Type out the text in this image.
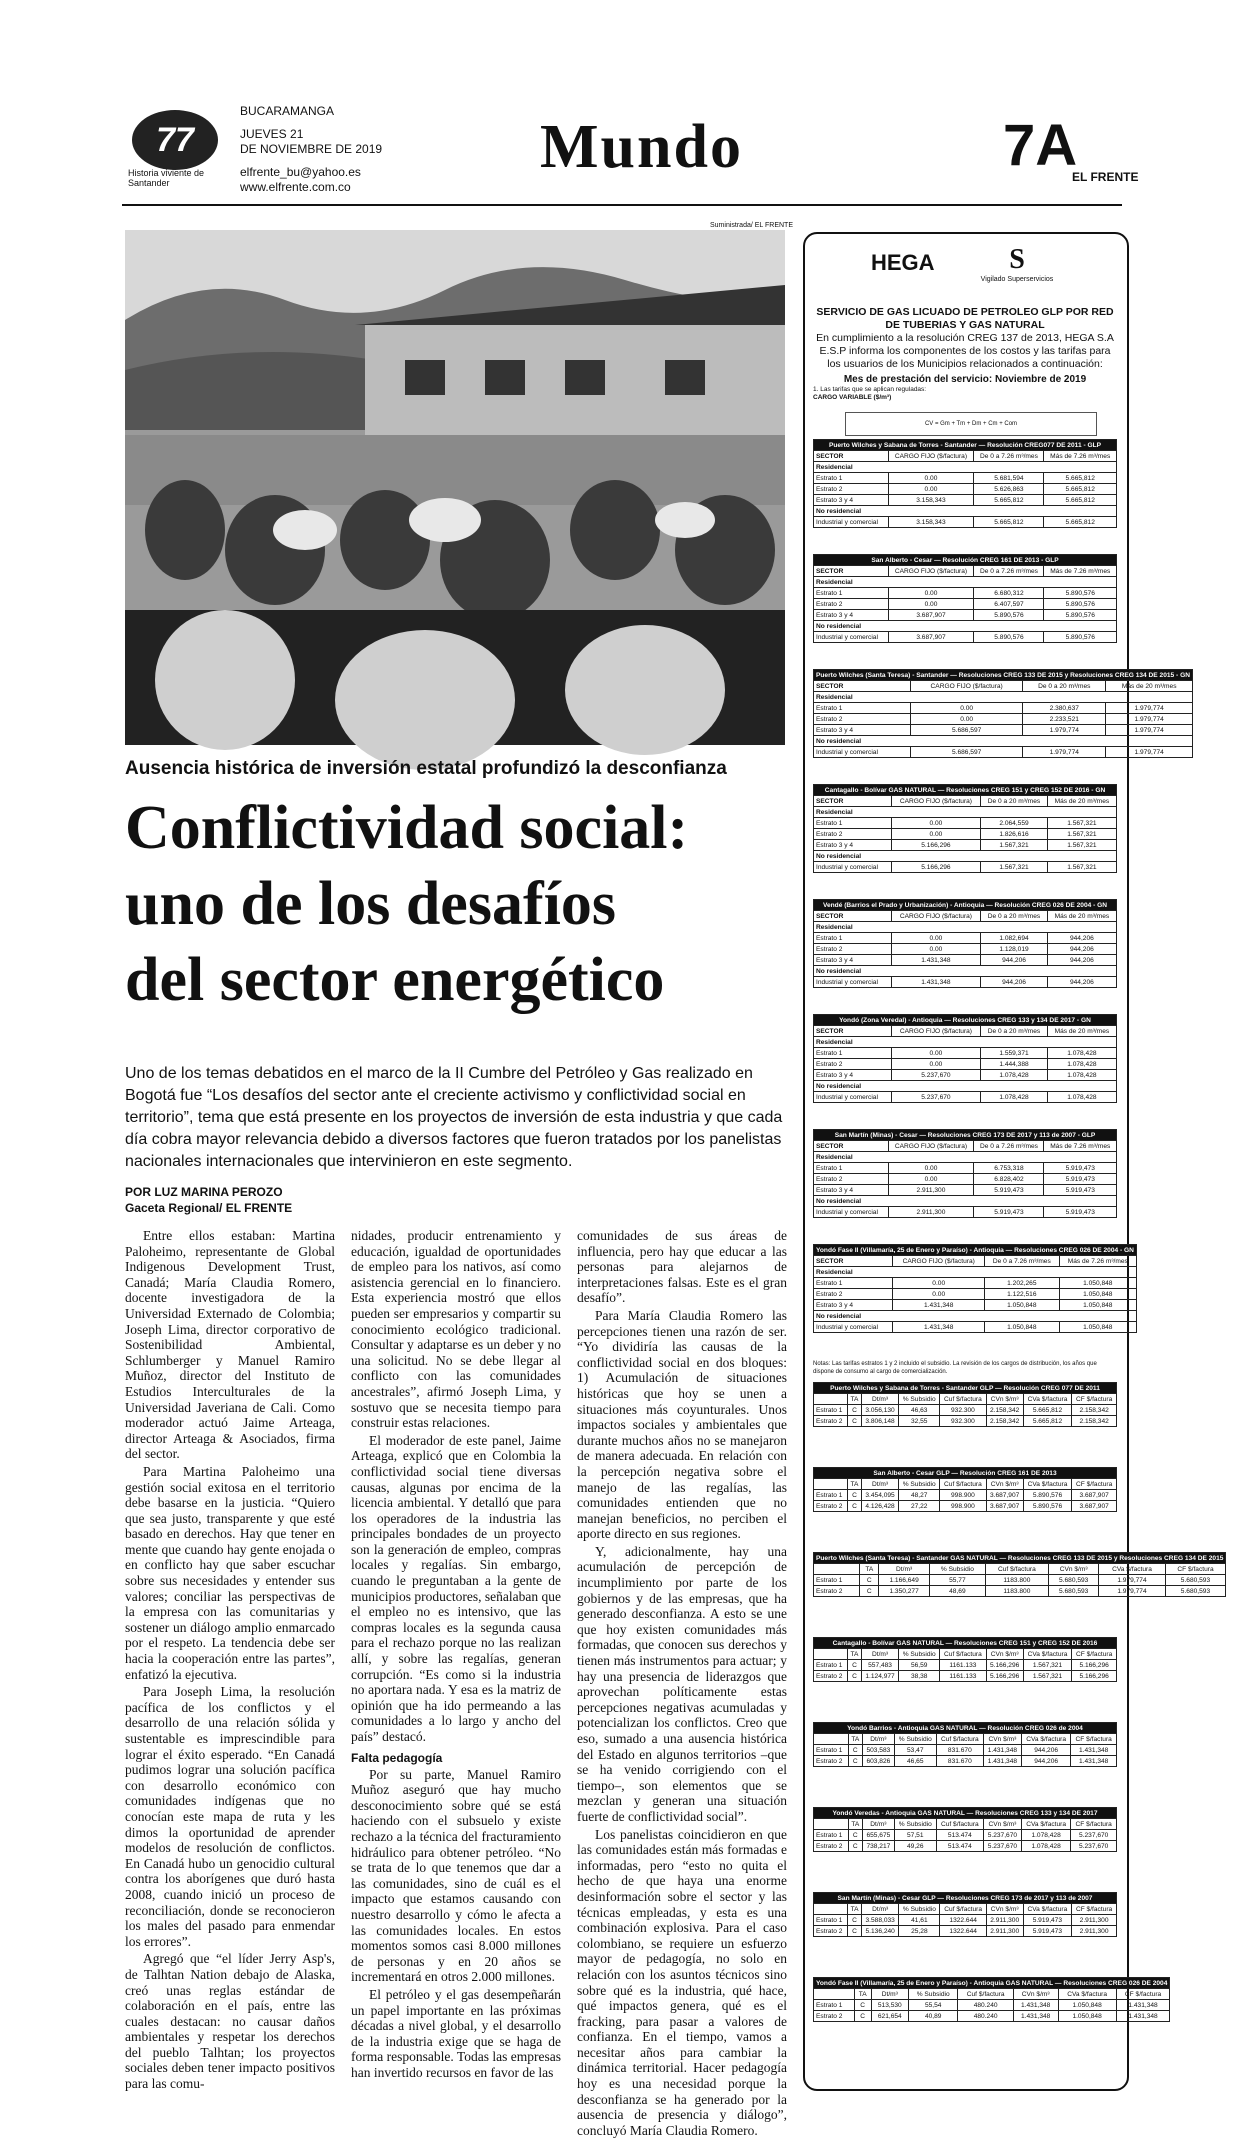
77
Historia viviente de Santander
BUCARAMANGA
JUEVES 21
DE NOVIEMBRE DE 2019
elfrente_bu@yahoo.es
www.elfrente.com.co
Mundo	7A
EL FRENTE
Suministrada/ EL FRENTE
Ausencia histórica de inversión estatal profundizó la desconfianza
Conflictividad social:
uno de los desafíos
del sector energético
Uno de los temas debatidos en el marco de la II Cumbre del Petróleo y Gas realizado en Bogotá fue “Los desafíos del sector ante el creciente activismo y conflictividad social en territorio”, tema que está presente en los proyectos de inversión de esta industria y que cada día cobra mayor relevancia debido a diversos factores que fueron tratados por los panelistas nacionales internacionales que intervinieron en este segmento.
POR LUZ MARINA PEROZO
Gaceta Regional/ EL FRENTE

Entre ellos estaban: Martina Paloheimo, representante de Global Indigenous Development Trust, Canadá; María Claudia Romero, docente investigadora de la Universidad Externado de Colombia; Joseph Lima, director corporativo de Sostenibilidad Ambiental, Schlumberger y Manuel Ramiro Muñoz, director del Instituto de Estudios Interculturales de la Universidad Javeriana de Cali. Como moderador actuó Jaime Arteaga, director Arteaga & Asociados, firma del sector.

Para Martina Paloheimo una gestión social exitosa en el territorio debe basarse en la justicia. “Quiero que sea justo, transparente y que esté basado en derechos. Hay que tener en mente que cuando hay gente enojada o en conflicto hay que saber escuchar sobre sus necesidades y entender sus valores; conciliar las perspectivas de la empresa con las comunitarias y sostener un diálogo amplio enmarcado por el respeto. La tendencia debe ser hacia la cooperación entre las partes”, enfatizó la ejecutiva.

Para Joseph Lima, la resolución pacífica de los conflictos y el desarrollo de una relación sólida y sustentable es imprescindible para lograr el éxito esperado. “En Canadá pudimos lograr una solución pacífica con desarrollo económico con comunidades indígenas que no conocían este mapa de ruta y les dimos la oportunidad de aprender modelos de resolución de conflictos. En Canadá hubo un genocidio cultural contra los aborígenes que duró hasta 2008, cuando inició un proceso de reconciliación, donde se reconocieron los males del pasado para enmendar los errores”.

Agregó que “el líder Jerry Asp's, de Talhtan Nation debajo de Alaska, creó unas reglas estándar de colaboración en el país, entre las cuales destacan: no causar daños ambientales y respetar los derechos del pueblo Talhtan; los proyectos sociales deben tener impacto positivos para las comu-

nidades, producir entrenamiento y educación, igualdad de oportunidades de empleo para los nativos, así como asistencia gerencial en lo financiero. Esta experiencia mostró que ellos pueden ser empresarios y compartir su conocimiento ecológico tradicional. Consultar y adaptarse es un deber y no una solicitud. No se debe llegar al conflicto con las comunidades ancestrales”, afirmó Joseph Lima, y sostuvo que se necesita tiempo para construir estas relaciones.

El moderador de este panel, Jaime Arteaga, explicó que en Colombia la conflictividad social tiene diversas causas, algunas por encima de la licencia ambiental. Y detalló que para los operadores de la industria las principales bondades de un proyecto son la generación de empleo, compras locales y regalías. Sin embargo, cuando le preguntaban a la gente de municipios productores, señalaban que el empleo no es intensivo, que las compras locales es la segunda causa para el rechazo porque no las realizan allí, y sobre las regalías, generan corrupción. “Es como si la industria no aportara nada. Y esa es la matriz de opinión que ha ido permeando a las comunidades a lo largo y ancho del país” destacó.

Falta pedagogía

Por su parte, Manuel Ramiro Muñoz aseguró que hay mucho desconocimiento sobre qué se está haciendo con el subsuelo y existe rechazo a la técnica del fracturamiento hidráulico para obtener petróleo. “No se trata de lo que tenemos que dar a las comunidades, sino de cuál es el impacto que estamos causando con nuestro desarrollo y cómo le afecta a las comunidades locales. En estos momentos somos casi 8.000 millones de personas y en 20 años se incrementará en otros 2.000 millones.

El petróleo y el gas desempeñarán un papel importante en las próximas décadas a nivel global, y el desarrollo de la industria exige que se haga de forma responsable. Todas las empresas han invertido recursos en favor de las

comunidades de sus áreas de influencia, pero hay que educar a las personas para alejarnos de interpretaciones falsas. Este es el gran desafío”.

Para María Claudia Romero las percepciones tienen una razón de ser. “Yo dividiría las causas de la conflictividad social en dos bloques: 1) Acumulación de situaciones históricas que hoy se unen a situaciones más coyunturales. Unos impactos sociales y ambientales que durante muchos años no se manejaron de manera adecuada. En relación con la percepción negativa sobre el manejo de las regalías, las comunidades entienden que no manejan beneficios, no perciben el aporte directo en sus regiones.

Y, adicionalmente, hay una acumulación de percepción de incumplimiento por parte de los gobiernos y de las empresas, que ha generado desconfianza. A esto se une que hoy existen comunidades más formadas, que conocen sus derechos y tienen más instrumentos para actuar; y hay una presencia de liderazgos que aprovechan políticamente estas percepciones negativas acumuladas y potencializan los conflictos. Creo que eso, sumado a una ausencia histórica del Estado en algunos territorios –que se ha venido corrigiendo con el tiempo–, son elementos que se mezclan y generan una situación fuerte de conflictividad social”.

Los panelistas coincidieron en que las comunidades están más formadas e informadas, pero “esto no quita el hecho de que haya una enorme desinformación sobre el sector y las técnicas empleadas, y esta es una combinación explosiva. Para el caso colombiano, se requiere un esfuerzo mayor de pedagogía, no solo en relación con los asuntos técnicos sino sobre qué es la industria, qué hace, qué impactos genera, qué es el fracking, para pasar a valores de confianza. En el tiempo, vamos a necesitar años para cambiar la dinámica territorial. Hacer pedagogía hoy es una necesidad porque la desconfianza se ha generado por la ausencia de presencia y diálogo”, concluyó María Claudia Romero.

HEGA	S
Vigilado Superservicios
SERVICIO DE GAS LICUADO DE PETROLEO GLP POR RED DE TUBERIAS Y GAS NATURAL
En cumplimiento a la resolución CREG 137 de 2013, HEGA S.A E.S.P informa los componentes de los costos y las tarifas para los usuarios de los Municipios relacionados a continuación:
Mes de prestación del servicio: Noviembre de 2019
1. Las tarifas que se aplican reguladas:
CARGO VARIABLE ($/m³)
CV = Gm + Tm + Dm + Cm + Com
Puerto Wilches y Sabana de Torres - Santander — Resolución CREG077 DE 2011 - GLP			
SECTOR	CARGO FIJO ($/factura)	De 0 a 7.26 m³/mes	Más de 7.26 m³/mes
Residencial			
Estrato 1	0.00	5.681,594	5.665,812
Estrato 2	0.00	5.626,863	5.665,812
Estrato 3 y 4	3.158,343	5.665,812	5.665,812
No residencial			
Industrial y comercial	3.158,343	5.665,812	5.665,812
San Alberto - Cesar — Resolución CREG 161 DE 2013 - GLP			
SECTOR	CARGO FIJO ($/factura)	De 0 a 7.26 m³/mes	Más de 7.26 m³/mes
Residencial			
Estrato 1	0.00	6.680,312	5.890,576
Estrato 2	0.00	6.407,597	5.890,576
Estrato 3 y 4	3.687,907	5.890,576	5.890,576
No residencial			
Industrial y comercial	3.687,907	5.890,576	5.890,576
Puerto Wilches (Santa Teresa) - Santander — Resoluciones CREG 133 DE 2015 y Resoluciones CREG 134 DE 2015 - GN			
SECTOR	CARGO FIJO ($/factura)	De 0 a 20 m³/mes	Más de 20 m³/mes
Residencial			
Estrato 1	0.00	2.380,637	1.979,774
Estrato 2	0.00	2.233,521	1.979,774
Estrato 3 y 4	5.686,597	1.979,774	1.979,774
No residencial			
Industrial y comercial	5.686,597	1.979,774	1.979,774
Cantagallo - Bolívar GAS NATURAL — Resoluciones CREG 151 y CREG 152 DE 2016 - GN			
SECTOR	CARGO FIJO ($/factura)	De 0 a 20 m³/mes	Más de 20 m³/mes
Residencial			
Estrato 1	0.00	2.064,559	1.567,321
Estrato 2	0.00	1.826,616	1.567,321
Estrato 3 y 4	5.166,296	1.567,321	1.567,321
No residencial			
Industrial y comercial	5.166,296	1.567,321	1.567,321
Vendé (Barrios el Prado y Urbanización) - Antioquia — Resolución CREG 026 DE 2004 - GN			
SECTOR	CARGO FIJO ($/factura)	De 0 a 20 m³/mes	Más de 20 m³/mes
Residencial			
Estrato 1	0.00	1.082,694	944,206
Estrato 2	0.00	1.128,019	944,206
Estrato 3 y 4	1.431,348	944,206	944,206
No residencial			
Industrial y comercial	1.431,348	944,206	944,206
Yondó (Zona Veredal) - Antioquia — Resoluciones CREG 133 y 134 DE 2017 - GN			
SECTOR	CARGO FIJO ($/factura)	De 0 a 20 m³/mes	Más de 20 m³/mes
Residencial			
Estrato 1	0.00	1.559,371	1.078,428
Estrato 2	0.00	1.444,388	1.078,428
Estrato 3 y 4	5.237,670	1.078,428	1.078,428
No residencial			
Industrial y comercial	5.237,670	1.078,428	1.078,428
San Martín (Minas) - Cesar — Resoluciones CREG 173 DE 2017 y 113 de 2007 - GLP			
SECTOR	CARGO FIJO ($/factura)	De 0 a 7.26 m³/mes	Más de 7.26 m³/mes
Residencial			
Estrato 1	0.00	6.753,318	5.919,473
Estrato 2	0.00	6.828,402	5.919,473
Estrato 3 y 4	2.911,300	5.919,473	5.919,473
No residencial			
Industrial y comercial	2.911,300	5.919,473	5.919,473
Yondó Fase II (Villamaría, 25 de Enero y Paraíso) - Antioquia — Resoluciones CREG 026 DE 2004 - GN			
SECTOR	CARGO FIJO ($/factura)	De 0 a 7.26 m³/mes	Más de 7.26 m³/mes
Residencial			
Estrato 1	0.00	1.202,265	1.050,848
Estrato 2	0.00	1.122,516	1.050,848
Estrato 3 y 4	1.431,348	1.050,848	1.050,848
No residencial			
Industrial y comercial	1.431,348	1.050,848	1.050,848
Notas: Las tarifas estratos 1 y 2 incluido el subsidio. La revisión de los cargos de distribución, los años que dispone de consumo al cargo de comercialización.
Puerto Wilches y Sabana de Torres - Santander GLP — Resolución CREG 077 DE 2011							
	TA	Dt/m³	% Subsidio	Cuf $/factura	CVn $/m³	CVa $/factura	CF $/factura
Estrato 1	C	3.056,130	46,63	932.300	2.158,342	5.665,812	2.158,342
Estrato 2	C	3.806,148	32,55	932.300	2.158,342	5.665,812	2.158,342
San Alberto - Cesar GLP — Resolución CREG 161 DE 2013							
	TA	Dt/m³	% Subsidio	Cuf $/factura	CVn $/m³	CVa $/factura	CF $/factura
Estrato 1	C	3.454,095	48,27	998.900	3.687,907	5.890,576	3.687,907
Estrato 2	C	4.126,428	27,22	998.900	3.687,907	5.890,576	3.687,907
Puerto Wilches (Santa Teresa) - Santander GAS NATURAL — Resoluciones CREG 133 DE 2015 y Resoluciones CREG 134 DE 2015							
	TA	Dt/m³	% Subsidio	Cuf $/factura	CVn $/m³	CVa $/factura	CF $/factura
Estrato 1	C	1.166,649	55,77	1183.800	5.680,593	1.979,774	5.680,593
Estrato 2	C	1.350,277	48,69	1183.800	5.680,593	1.979,774	5.680,593
Cantagallo - Bolívar GAS NATURAL — Resoluciones CREG 151 y CREG 152 DE 2016							
	TA	Dt/m³	% Subsidio	Cuf $/factura	CVn $/m³	CVa $/factura	CF $/factura
Estrato 1	C	557,483	56,59	1161.133	5.166,296	1.567,321	5.166,296
Estrato 2	C	1.124,977	38,38	1161.133	5.166,296	1.567,321	5.166,296
Yondó Barrios - Antioquia GAS NATURAL — Resolución CREG 026 de 2004							
	TA	Dt/m³	% Subsidio	Cuf $/factura	CVn $/m³	CVa $/factura	CF $/factura
Estrato 1	C	503,583	53,47	831.670	1.431,348	944,206	1.431,348
Estrato 2	C	603,826	46,65	831.670	1.431,348	944,206	1.431,348
Yondó Veredas - Antioquia GAS NATURAL — Resoluciones CREG 133 y 134 DE 2017							
	TA	Dt/m³	% Subsidio	Cuf $/factura	CVn $/m³	CVa $/factura	CF $/factura
Estrato 1	C	655,675	57,51	513.474	5.237,670	1.078,428	5.237,670
Estrato 2	C	738,217	49,26	513.474	5.237,670	1.078,428	5.237,670
San Martín (Minas) - Cesar GLP — Resoluciones CREG 173 de 2017 y 113 de 2007							
	TA	Dt/m³	% Subsidio	Cuf $/factura	CVn $/m³	CVa $/factura	CF $/factura
Estrato 1	C	3.588,033	41,61	1322.644	2.911,300	5.919,473	2.911,300
Estrato 2	C	5.136,240	25,28	1322.644	2.911,300	5.919,473	2.911,300
Yondó Fase II (Villamaría, 25 de Enero y Paraíso) - Antioquia GAS NATURAL — Resoluciones CREG 026 DE 2004							
	TA	Dt/m³	% Subsidio	Cuf $/factura	CVn $/m³	CVa $/factura	CF $/factura
Estrato 1	C	513,530	55,54	480.240	1.431,348	1.050,848	1.431,348
Estrato 2	C	621,654	40,89	480.240	1.431,348	1.050,848	1.431,348
